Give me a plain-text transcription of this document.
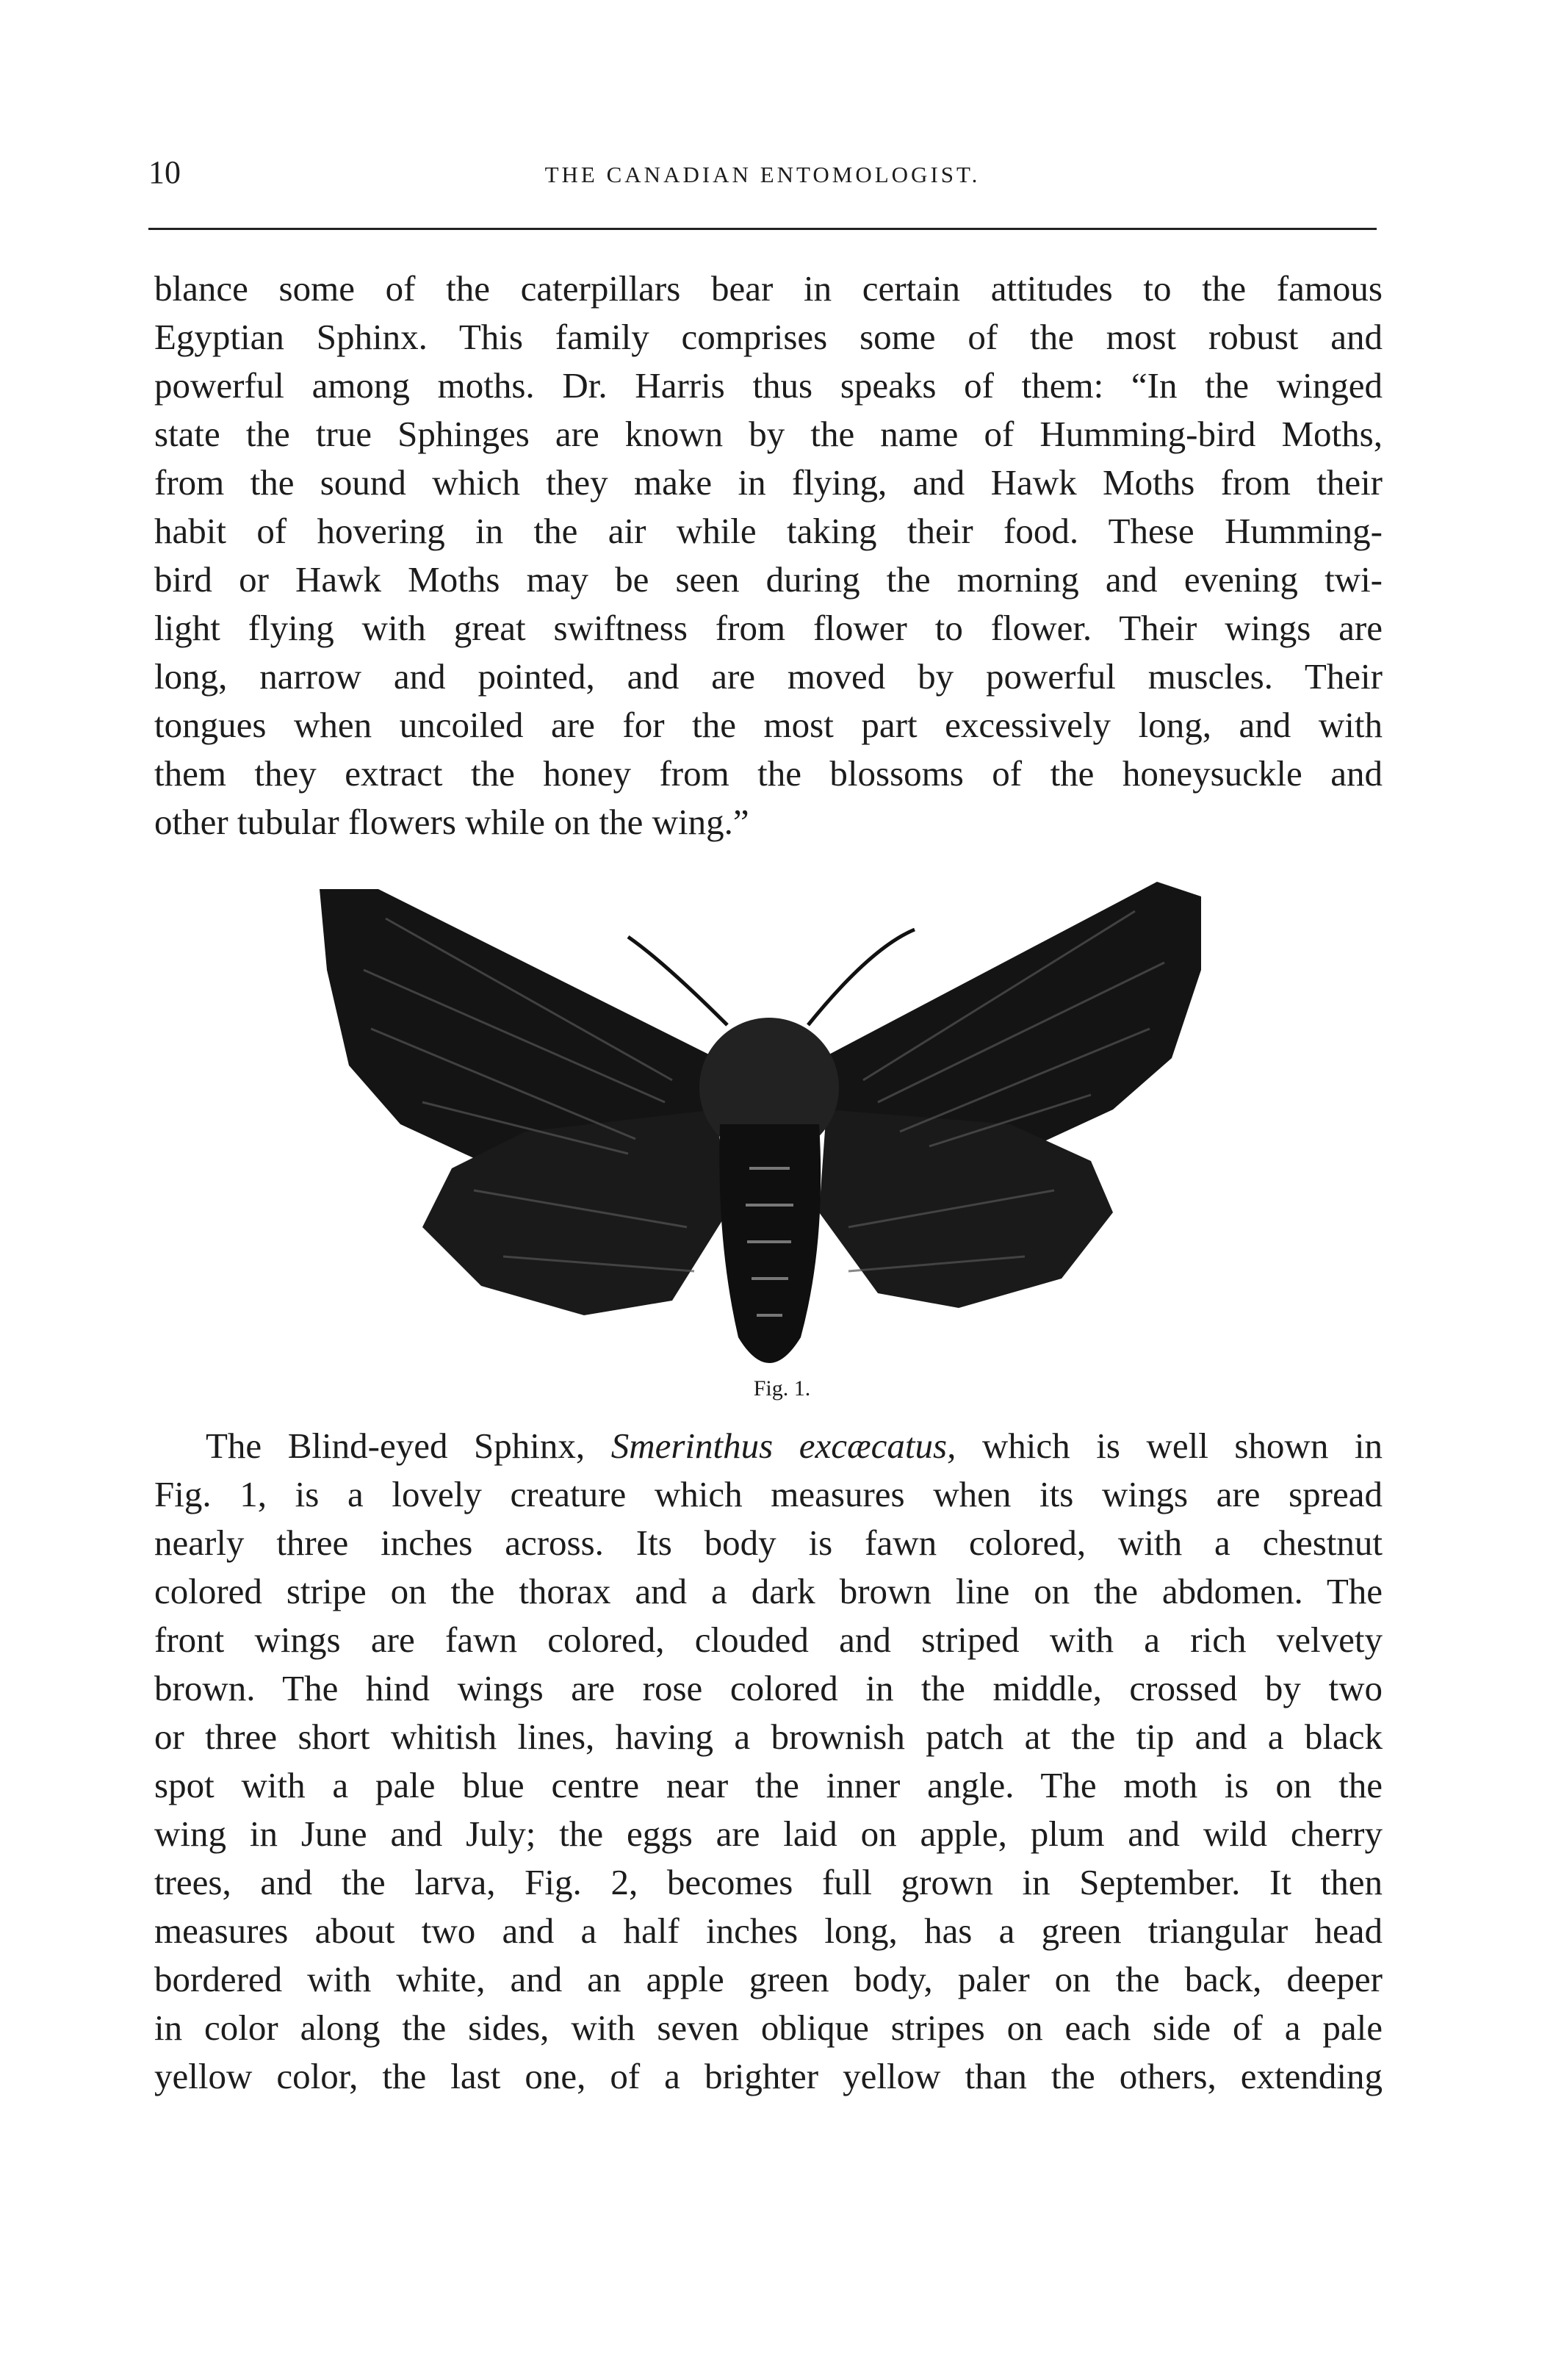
10	THE CANADIAN ENTOMOLOGIST.
blance some of the caterpillars bear in certain attitudes to the famous
Egyptian Sphinx. This family comprises some of the most robust and
powerful among moths. Dr. Harris thus speaks of them: “In the winged
state the true Sphinges are known by the name of Humming-bird Moths,
from the sound which they make in flying, and Hawk Moths from their
habit of hovering in the air while taking their food. These Humming-
bird or Hawk Moths may be seen during the morning and evening twi-
light flying with great swiftness from flower to flower. Their wings are
long, narrow and pointed, and are moved by powerful muscles. Their
tongues when uncoiled are for the most part excessively long, and with
them they extract the honey from the blossoms of the honeysuckle and
other tubular flowers while on the wing.”
Fig. 1.
The Blind-eyed Sphinx, Smerinthus excæcatus, which is well shown in
Fig. 1, is a lovely creature which measures when its wings are spread
nearly three inches across. Its body is fawn colored, with a chestnut
colored stripe on the thorax and a dark brown line on the abdomen. The
front wings are fawn colored, clouded and striped with a rich velvety
brown. The hind wings are rose colored in the middle, crossed by two
or three short whitish lines, having a brownish patch at the tip and a black
spot with a pale blue centre near the inner angle. The moth is on the
wing in June and July; the eggs are laid on apple, plum and wild cherry
trees, and the larva, Fig. 2, becomes full grown in September. It then
measures about two and a half inches long, has a green triangular head
bordered with white, and an apple green body, paler on the back, deeper
in color along the sides, with seven oblique stripes on each side of a pale
yellow color, the last one, of a brighter yellow than the others, extending
